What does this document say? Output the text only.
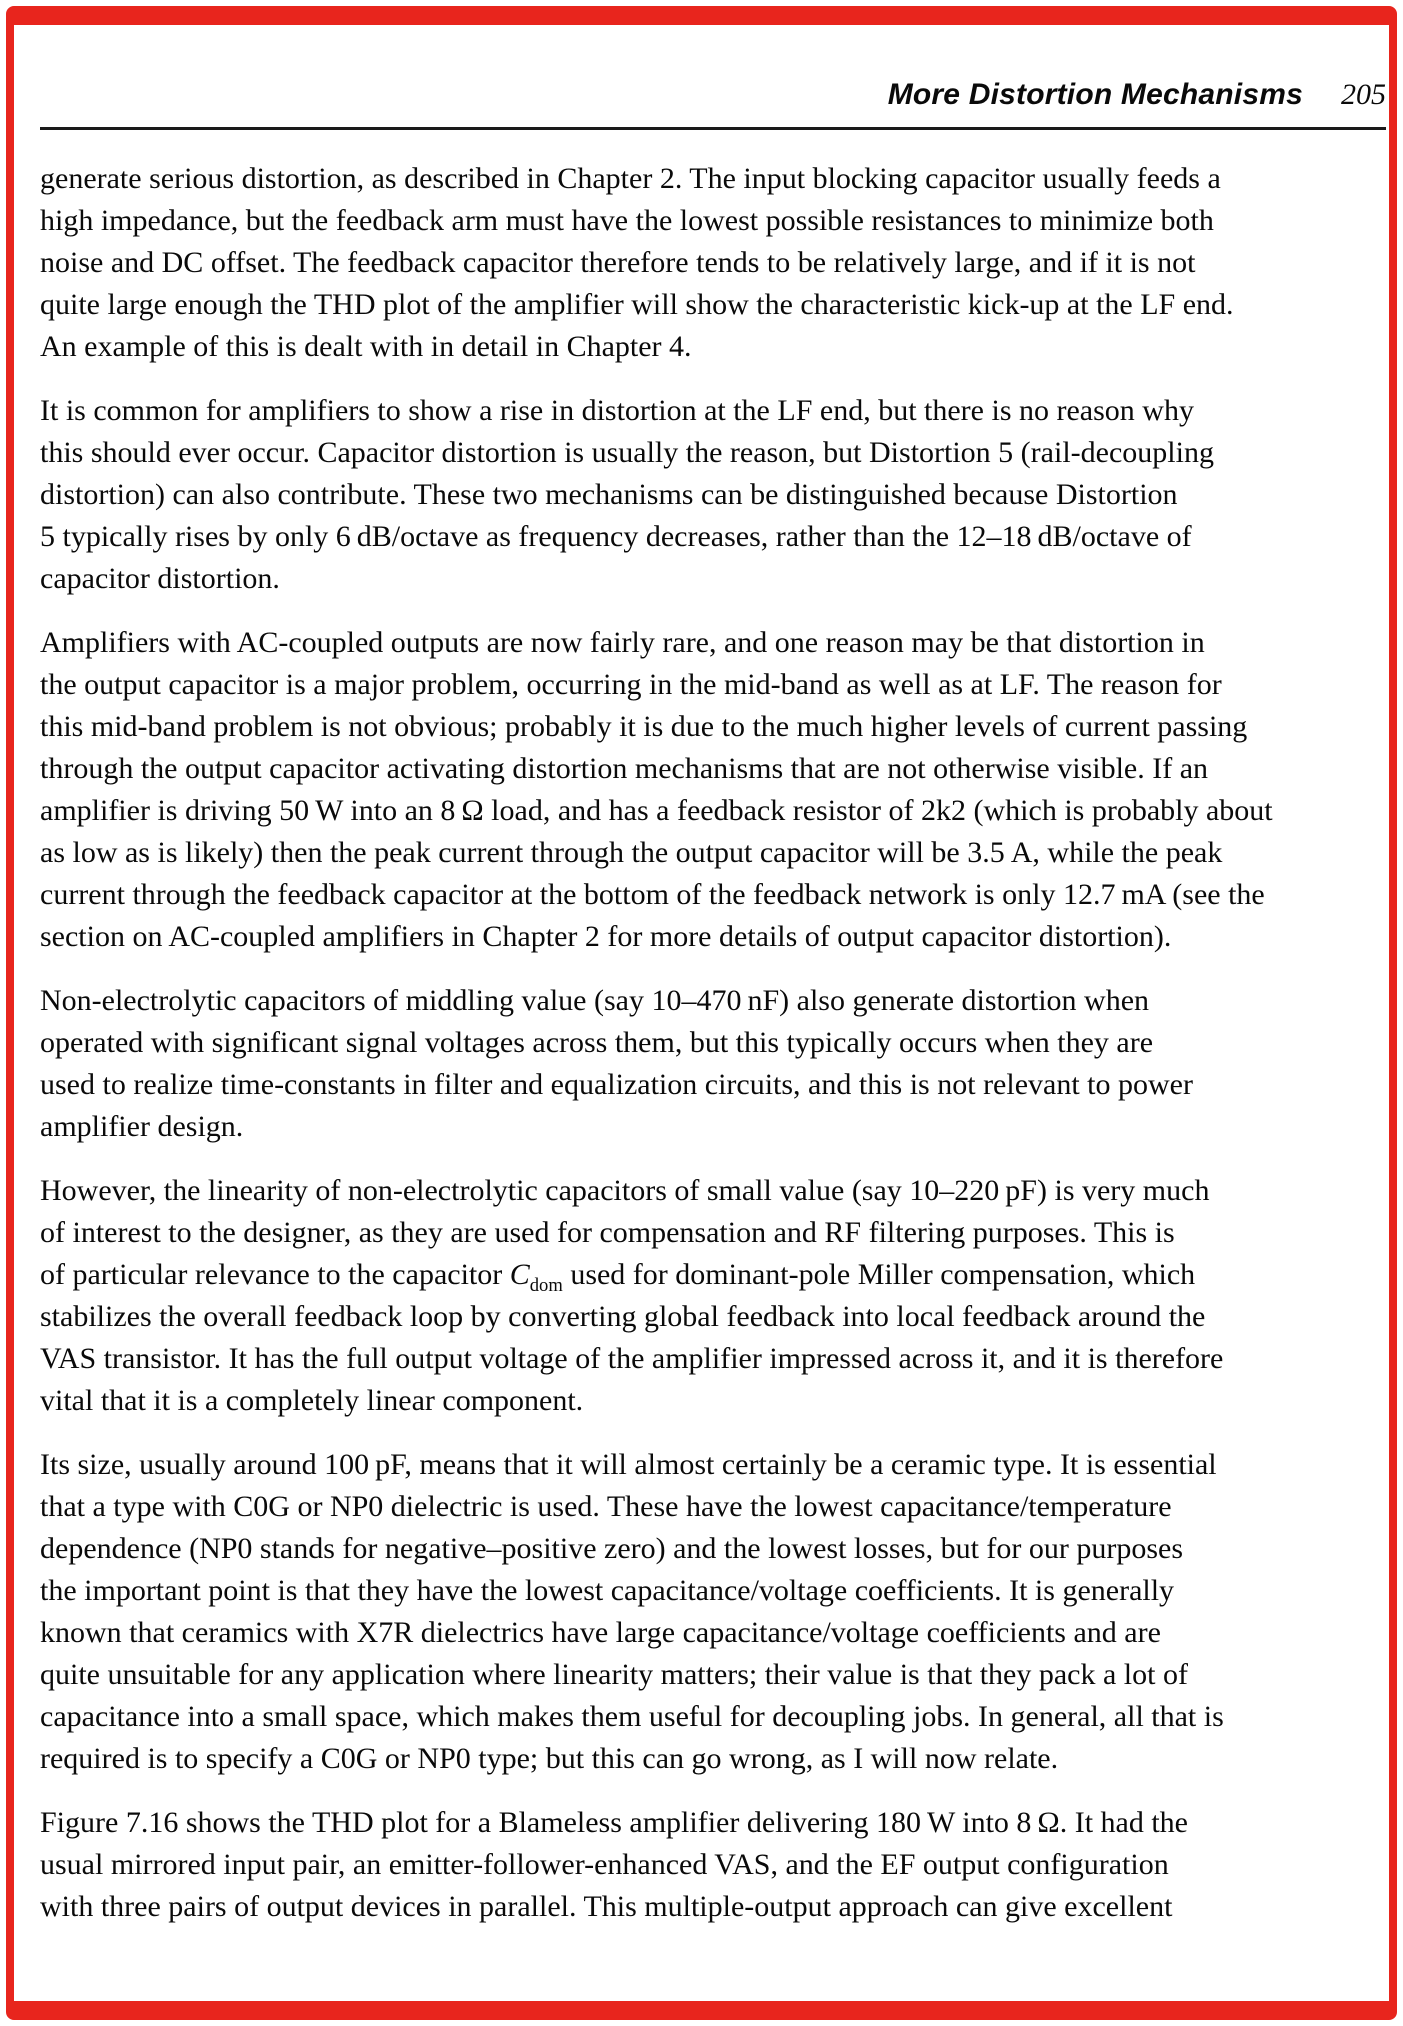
More Distortion Mechanisms 205

generate serious distortion, as described in Chapter 2. The input blocking capacitor usually feeds a
high impedance, but the feedback arm must have the lowest possible resistances to minimize both
noise and DC offset. The feedback capacitor therefore tends to be relatively large, and if it is not
quite large enough the THD plot of the amplifier will show the characteristic kick-up at the LF end.
An example of this is dealt with in detail in Chapter 4.

It is common for amplifiers to show a rise in distortion at the LF end, but there is no reason why
this should ever occur. Capacitor distortion is usually the reason, but Distortion 5 (rail-decoupling
distortion) can also contribute. These two mechanisms can be distinguished because Distortion
5 typically rises by only 6 dB/octave as frequency decreases, rather than the 12–18 dB/octave of
capacitor distortion.

Amplifiers with AC-coupled outputs are now fairly rare, and one reason may be that distortion in
the output capacitor is a major problem, occurring in the mid-band as well as at LF. The reason for
this mid-band problem is not obvious; probably it is due to the much higher levels of current passing
through the output capacitor activating distortion mechanisms that are not otherwise visible. If an
amplifier is driving 50 W into an 8 Ω load, and has a feedback resistor of 2k2 (which is probably about
as low as is likely) then the peak current through the output capacitor will be 3.5 A, while the peak
current through the feedback capacitor at the bottom of the feedback network is only 12.7 mA (see the
section on AC-coupled amplifiers in Chapter 2 for more details of output capacitor distortion).

Non-electrolytic capacitors of middling value (say 10–470 nF) also generate distortion when
operated with significant signal voltages across them, but this typically occurs when they are
used to realize time-constants in filter and equalization circuits, and this is not relevant to power
amplifier design.

However, the linearity of non-electrolytic capacitors of small value (say 10–220 pF) is very much
of interest to the designer, as they are used for compensation and RF filtering purposes. This is
of particular relevance to the capacitor $C_{dom}$ used for dominant-pole Miller compensation, which
stabilizes the overall feedback loop by converting global feedback into local feedback around the
VAS transistor. It has the full output voltage of the amplifier impressed across it, and it is therefore
vital that it is a completely linear component.

Its size, usually around 100 pF, means that it will almost certainly be a ceramic type. It is essential
that a type with C0G or NP0 dielectric is used. These have the lowest capacitance/temperature
dependence (NP0 stands for negative–positive zero) and the lowest losses, but for our purposes
the important point is that they have the lowest capacitance/voltage coefficients. It is generally
known that ceramics with X7R dielectrics have large capacitance/voltage coefficients and are
quite unsuitable for any application where linearity matters; their value is that they pack a lot of
capacitance into a small space, which makes them useful for decoupling jobs. In general, all that is
required is to specify a C0G or NP0 type; but this can go wrong, as I will now relate.

Figure 7.16 shows the THD plot for a Blameless amplifier delivering 180 W into 8 Ω. It had the
usual mirrored input pair, an emitter-follower-enhanced VAS, and the EF output configuration
with three pairs of output devices in parallel. This multiple-output approach can give excellent
